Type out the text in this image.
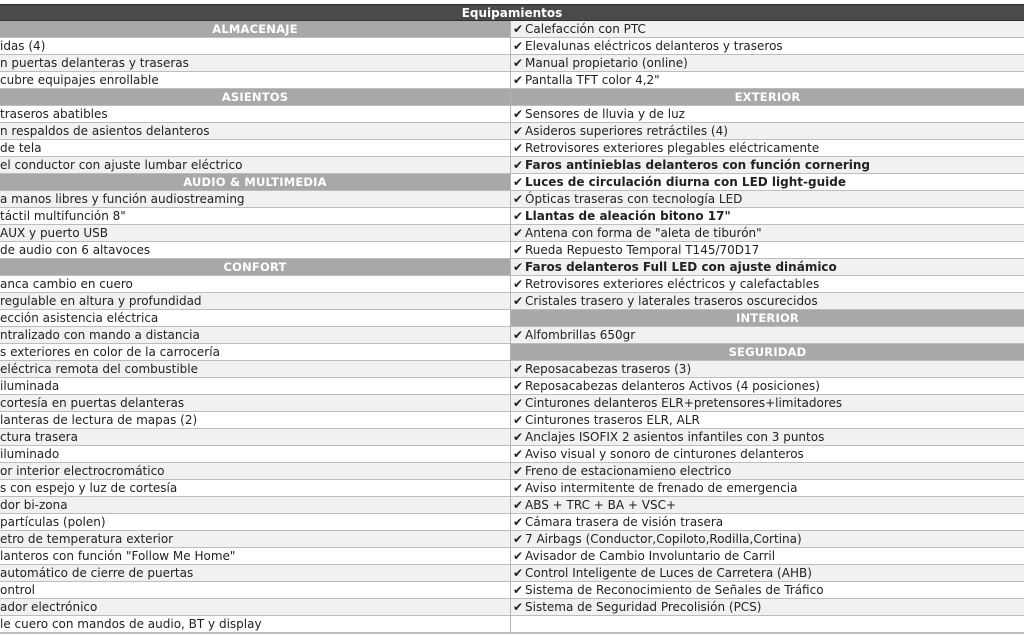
Equipamientos
ALMACENAJE
idas (4)
n puertas delanteras y traseras
cubre equipajes enrollable
ASIENTOS
traseros abatibles
n respaldos de asientos delanteros
de tela
el conductor con ajuste lumbar eléctrico
AUDIO & MULTIMEDIA
a manos libres y función audiostreaming
táctil multifunción 8"
AUX y puerto USB
de audio con 6 altavoces
CONFORT
anca cambio en cuero
regulable en altura y profundidad
ección asistencia eléctrica
ntralizado con mando a distancia
s exteriores en color de la carrocería
eléctrica remota del combustible
iluminada
cortesía en puertas delanteras
lanteras de lectura de mapas (2)
ctura trasera
iluminado
or interior electrocromático
s con espejo y luz de cortesía
dor bi-zona
partículas (polen)
etro de temperatura exterior
lanteros con función "Follow Me Home"
automático de cierre de puertas
ontrol
ador electrónico
le cuero con mandos de audio, BT y display
✔ Calefacción con PTC
✔ Elevalunas eléctricos delanteros y traseros
✔ Manual propietario (online)
✔ Pantalla TFT color 4,2"
EXTERIOR
✔ Sensores de lluvia y de luz
✔ Asideros superiores retráctiles (4)
✔ Retrovisores exteriores plegables eléctricamente
✔ Faros antinieblas delanteros con función cornering
✔ Luces de circulación diurna con LED light-guide
✔ Ópticas traseras con tecnología LED
✔ Llantas de aleación bitono 17"
✔ Antena con forma de "aleta de tiburón"
✔ Rueda Repuesto Temporal T145/70D17
✔ Faros delanteros Full LED con ajuste dinámico
✔ Retrovisores exteriores eléctricos y calefactables
✔ Cristales trasero y laterales traseros oscurecidos
INTERIOR
✔ Alfombrillas 650gr
SEGURIDAD
✔ Reposacabezas traseros (3)
✔ Reposacabezas delanteros Activos (4 posiciones)
✔ Cinturones delanteros ELR+pretensores+limitadores
✔ Cinturones traseros ELR, ALR
✔ Anclajes ISOFIX 2 asientos infantiles con 3 puntos
✔ Aviso visual y sonoro de cinturones delanteros
✔ Freno de estacionamieno electrico
✔ Aviso intermitente de frenado de emergencia
✔ ABS + TRC + BA + VSC+
✔ Cámara trasera de visión trasera
✔ 7 Airbags (Conductor,Copiloto,Rodilla,Cortina)
✔ Avisador de Cambio Involuntario de Carril
✔ Control Inteligente de Luces de Carretera (AHB)
✔ Sistema de Reconocimiento de Señales de Tráfico
✔ Sistema de Seguridad Precolisión (PCS)
